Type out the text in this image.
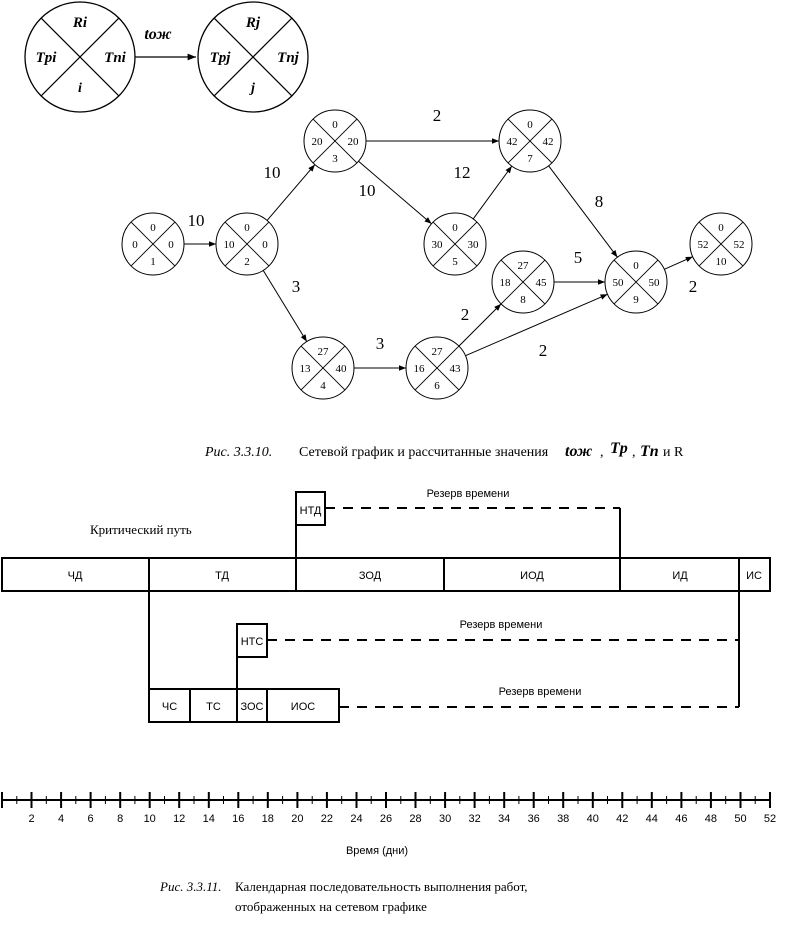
Ri
Tpi	Tni
i
Rj
Tpj	Tnj
j
tож
10
10
3
2
10
12
8
3
2
2
5
2
0
0	0
1
0
10	0
2
0
20 20
3
27
13 40
4
0
30 30
5
27
16 43
6
0
42 42
7
27
18 45
8
0
50 50
9
0
52 52
10
Рис. 3.3.10. Сетевой график и рассчитанные значения tож , Tp , Tn и R
Критический путь
НТД
Резерв времени
ЧД	ТД	ЗОД	ИОД	ИД	ИС
НТС
Резерв времени
ЧС	ТС ЗОС ИОС
Резерв времени
2 4 6 8 10 12 14 16 18 20 22 24 26 28 30 32 34 36 38 40 42 44 46 48 50 52
Время (дни)
Рис. 3.3.11. Календарная последовательность выполнения работ,
отображенных на сетевом графике
